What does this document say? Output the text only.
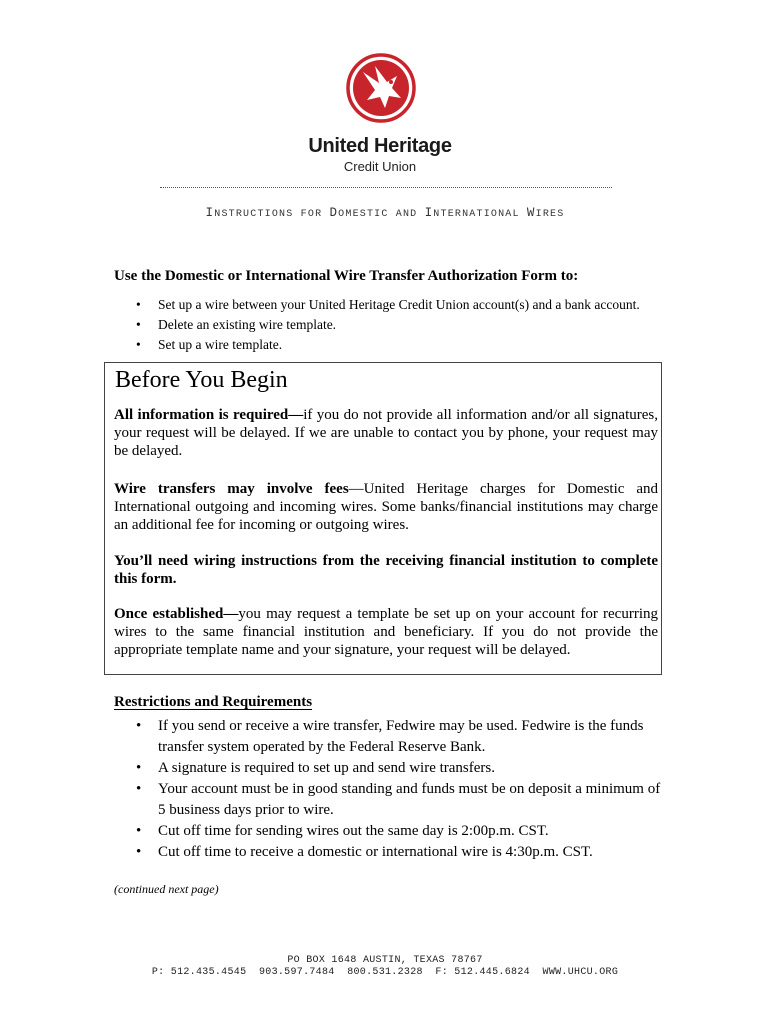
United Heritage
Credit Union
INSTRUCTIONS FOR DOMESTIC AND INTERNATIONAL WIRES
Use the Domestic or International Wire Transfer Authorization Form to:
• Set up a wire between your United Heritage Credit Union account(s) and a bank account.
• Delete an existing wire template.
• Set up a wire template.
Before You Begin

All information is required—if you do not provide all information and/or all signatures, your request will be delayed. If we are unable to contact you by phone, your request may be delayed.

Wire transfers may involve fees—United Heritage charges for Domestic and International outgoing and incoming wires. Some banks/financial institutions may charge an additional fee for incoming or outgoing wires.

You’ll need wiring instructions from the receiving financial institution to complete this form.

Once established—you may request a template be set up on your account for recurring wires to the same financial institution and beneficiary. If you do not provide the appropriate template name and your signature, your request will be delayed.

Restrictions and Requirements
• If you send or receive a wire transfer, Fedwire may be used. Fedwire is the funds transfer system operated by the Federal Reserve Bank.
• A signature is required to set up and send wire transfers.
• Your account must be in good standing and funds must be on deposit a minimum of 5 business days prior to wire.
• Cut off time for sending wires out the same day is 2:00p.m. CST.
• Cut off time to receive a domestic or international wire is 4:30p.m. CST.
(continued next page)
PO BOX 1648 AUSTIN, TEXAS 78767
P: 512.435.4545  903.597.7484  800.531.2328  F: 512.445.6824  WWW.UHCU.ORG
